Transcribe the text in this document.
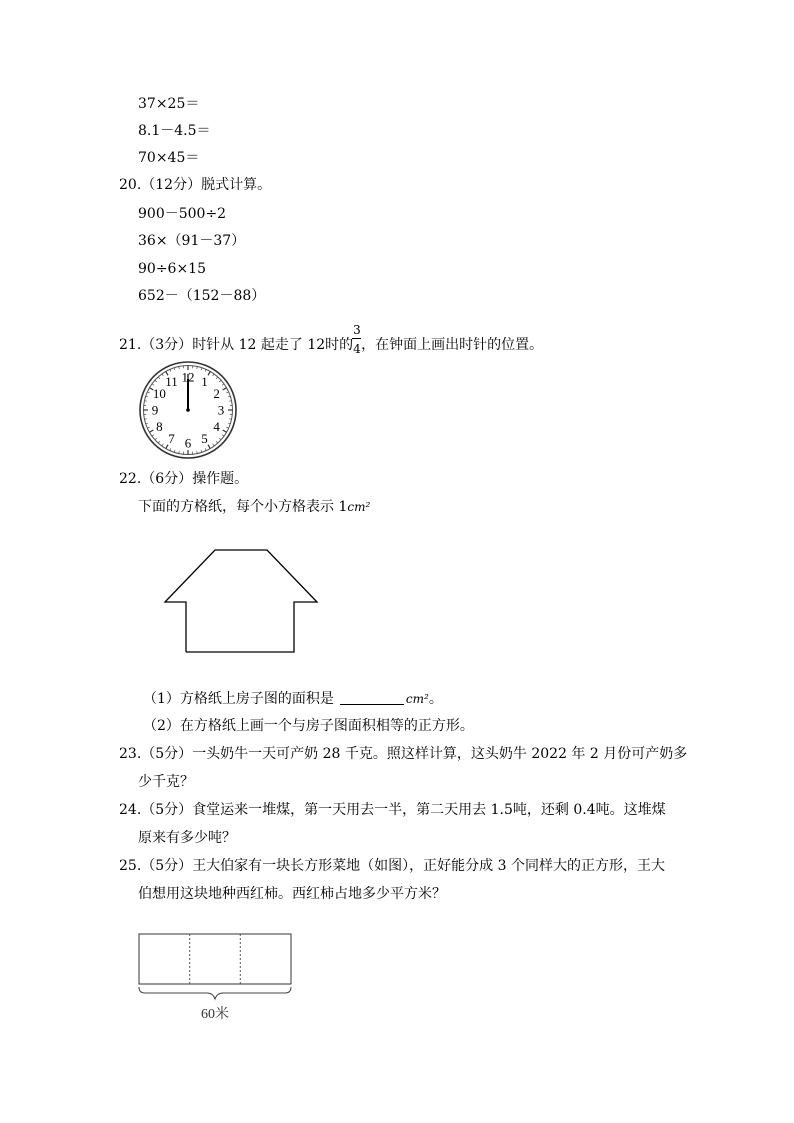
37×25＝
8.1－4.5＝
70×45＝
20.（12分）脱式计算。
900－500÷2
36×（91－37）
90÷6×15
652－（152－88）
21.（3分）时针从 12 起走了 12时的
$\frac{3}{4}$
，在钟面上画出时针的位置。
12 1
2
3
4
5
6
7
8
9
10
11
22.（6分）操作题。
下面的方格纸，每个小方格表示 1cm²
（1）方格纸上房子图的面积是	cm²。
（2）在方格纸上画一个与房子图面积相等的正方形。
23.（5分）一头奶牛一天可产奶 28 千克。照这样计算，这头奶牛 2022 年 2 月份可产奶多
少千克？
24.（5分）食堂运来一堆煤，第一天用去一半，第二天用去 1.5吨，还剩 0.4吨。这堆煤
原来有多少吨？
25.（5分）王大伯家有一块长方形菜地（如图），正好能分成 3 个同样大的正方形，王大
伯想用这块地种西红柿。西红柿占地多少平方米？
60米
